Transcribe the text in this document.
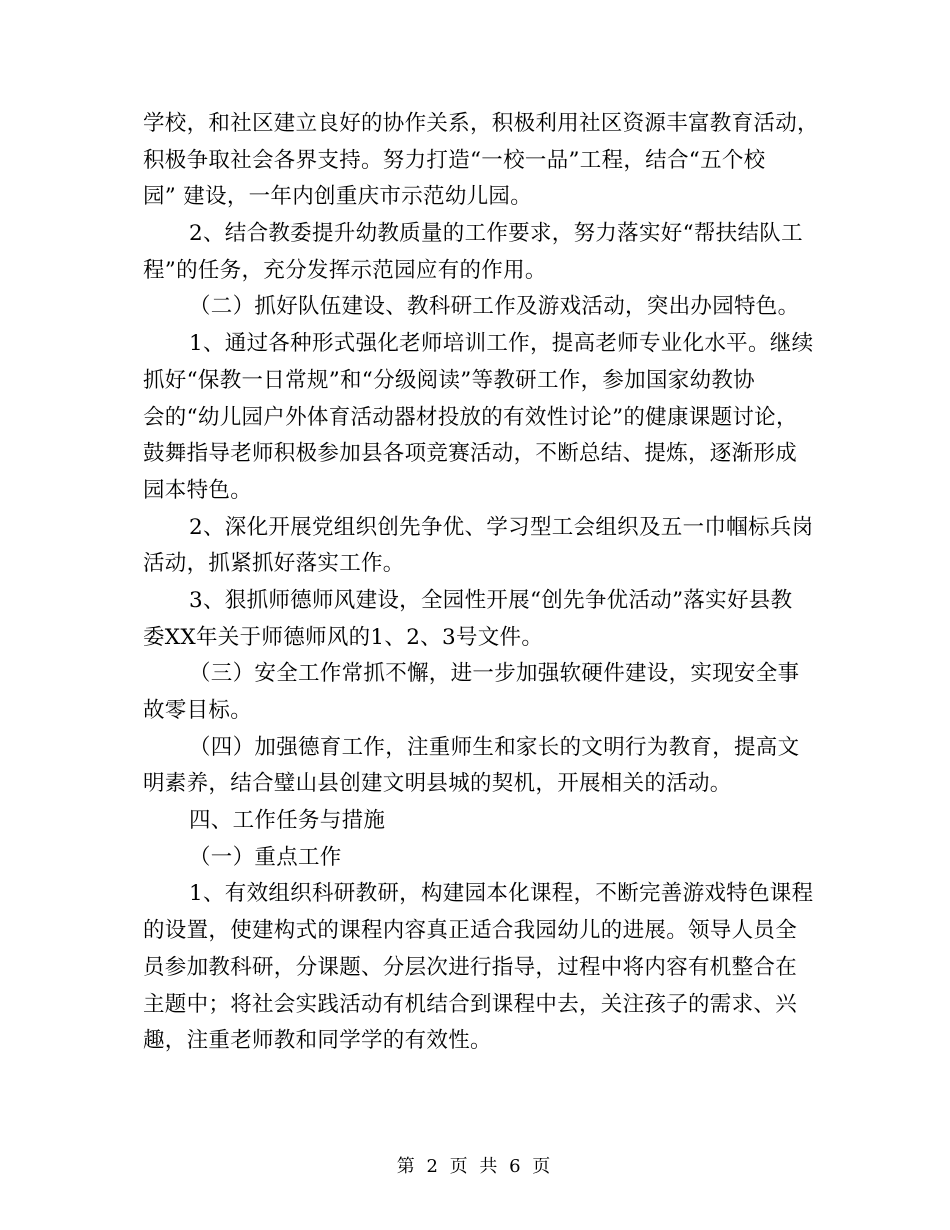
学校，和社区建立良好的协作关系，积极利用社区资源丰富教育活动，
积极争取社会各界支持。努力打造“一校一品”工程，结合“五个校
园” 建设，一年内创重庆市示范幼儿园。
2、结合教委提升幼教质量的工作要求，努力落实好“帮扶结队工
程”的任务，充分发挥示范园应有的作用。
（二）抓好队伍建设、教科研工作及游戏活动，突出办园特色。
1、通过各种形式强化老师培训工作，提高老师专业化水平。继续
抓好“保教一日常规”和“分级阅读”等教研工作，参加国家幼教协
会的“幼儿园户外体育活动器材投放的有效性讨论”的健康课题讨论，
鼓舞指导老师积极参加县各项竞赛活动，不断总结、提炼，逐渐形成
园本特色。
2、深化开展党组织创先争优、学习型工会组织及五一巾帼标兵岗
活动，抓紧抓好落实工作。
3、狠抓师德师风建设，全园性开展“创先争优活动”落实好县教
委XX年关于师德师风的1、2、3号文件。
（三）安全工作常抓不懈，进一步加强软硬件建设，实现安全事
故零目标。
（四）加强德育工作，注重师生和家长的文明行为教育，提高文
明素养，结合璧山县创建文明县城的契机，开展相关的活动。
四、工作任务与措施
（一）重点工作
1、有效组织科研教研，构建园本化课程，不断完善游戏特色课程
的设置，使建构式的课程内容真正适合我园幼儿的进展。领导人员全
员参加教科研，分课题、分层次进行指导，过程中将内容有机整合在
主题中；将社会实践活动有机结合到课程中去，关注孩子的需求、兴
趣，注重老师教和同学学的有效性。
第 2 页 共 6 页
